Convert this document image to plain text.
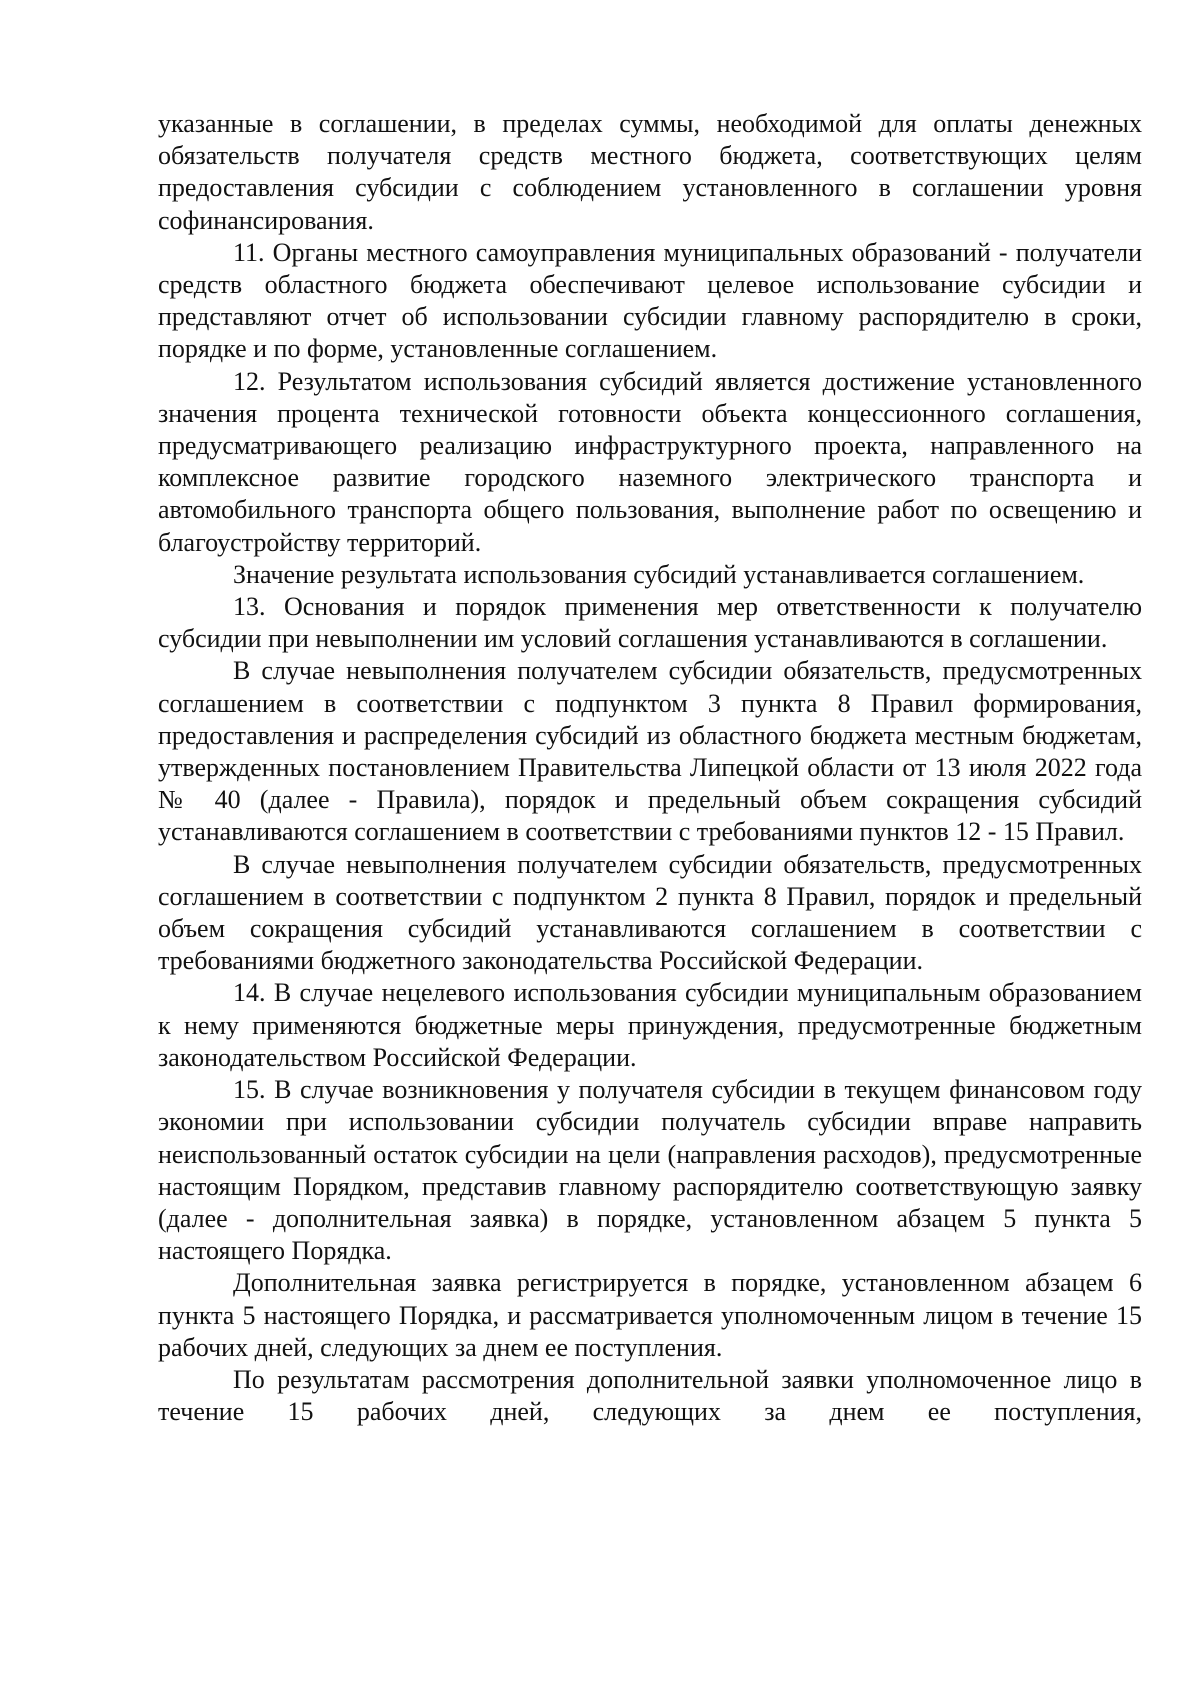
указанные в соглашении, в пределах суммы, необходимой для оплаты денежных обязательств получателя средств местного бюджета, соответствующих целям предоставления субсидии с соблюдением установленного в соглашении уровня софинансирования.

11. Органы местного самоуправления муниципальных образований - получатели средств областного бюджета обеспечивают целевое использование субсидии и представляют отчет об использовании субсидии главному распорядителю в сроки, порядке и по форме, установленные соглашением.

12. Результатом использования субсидий является достижение установленного значения процента технической готовности объекта концессионного соглашения, предусматривающего реализацию инфраструктурного проекта, направленного на комплексное развитие городского наземного электрического транспорта и автомобильного транспорта общего пользования, выполнение работ по освещению и благоустройству территорий.

Значение результата использования субсидий устанавливается соглашением.

13. Основания и порядок применения мер ответственности к получателю субсидии при невыполнении им условий соглашения устанавливаются в соглашении.

В случае невыполнения получателем субсидии обязательств, предусмотренных соглашением в соответствии с подпунктом 3 пункта 8 Правил формирования, предоставления и распределения субсидий из областного бюджета местным бюджетам, утвержденных постановлением Правительства Липецкой области от 13 июля 2022 года № 40 (далее - Правила), порядок и предельный объем сокращения субсидий устанавливаются соглашением в соответствии с требованиями пунктов 12 - 15 Правил.

В случае невыполнения получателем субсидии обязательств, предусмотренных соглашением в соответствии с подпунктом 2 пункта 8 Правил, порядок и предельный объем сокращения субсидий устанавливаются соглашением в соответствии с требованиями бюджетного законодательства Российской Федерации.

14. В случае нецелевого использования субсидии муниципальным образованием к нему применяются бюджетные меры принуждения, предусмотренные бюджетным законодательством Российской Федерации.

15. В случае возникновения у получателя субсидии в текущем финансовом году экономии при использовании субсидии получатель субсидии вправе направить неиспользованный остаток субсидии на цели (направления расходов), предусмотренные настоящим Порядком, представив главному распорядителю соответствующую заявку (далее - дополнительная заявка) в порядке, установленном абзацем 5 пункта 5 настоящего Порядка.

Дополнительная заявка регистрируется в порядке, установленном абзацем 6 пункта 5 настоящего Порядка, и рассматривается уполномоченным лицом в течение 15 рабочих дней, следующих за днем ее поступления.

По результатам рассмотрения дополнительной заявки уполномоченное лицо в течение 15 рабочих дней, следующих за днем ее поступления,
